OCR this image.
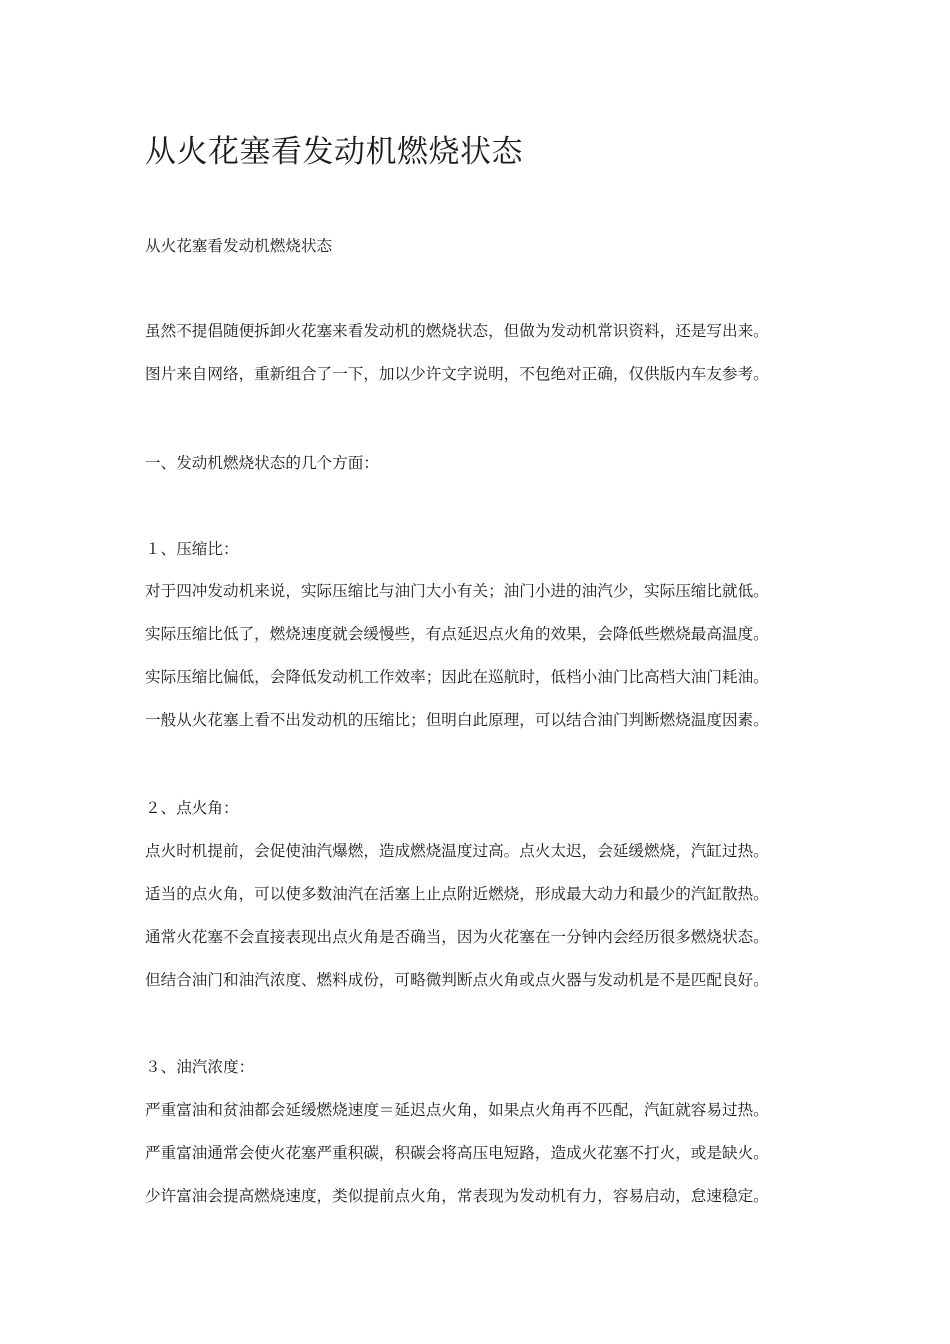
从火花塞看发动机燃烧状态

从火花塞看发动机燃烧状态

虽然不提倡随便拆卸火花塞来看发动机的燃烧状态，但做为发动机常识资料，还是写出来。

图片来自网络，重新组合了一下，加以少许文字说明，不包绝对正确，仅供版内车友参考。

一、发动机燃烧状态的几个方面：

１、压缩比：

对于四冲发动机来说，实际压缩比与油门大小有关；油门小进的油汽少，实际压缩比就低。

实际压缩比低了，燃烧速度就会缓慢些，有点延迟点火角的效果，会降低些燃烧最高温度。

实际压缩比偏低，会降低发动机工作效率；因此在巡航时，低档小油门比高档大油门耗油。

一般从火花塞上看不出发动机的压缩比；但明白此原理，可以结合油门判断燃烧温度因素。

２、点火角：

点火时机提前，会促使油汽爆燃，造成燃烧温度过高。点火太迟，会延缓燃烧，汽缸过热。

适当的点火角，可以使多数油汽在活塞上止点附近燃烧，形成最大动力和最少的汽缸散热。

通常火花塞不会直接表现出点火角是否确当，因为火花塞在一分钟内会经历很多燃烧状态。

但结合油门和油汽浓度、燃料成份，可略微判断点火角或点火器与发动机是不是匹配良好。

３、油汽浓度：

严重富油和贫油都会延缓燃烧速度＝延迟点火角，如果点火角再不匹配，汽缸就容易过热。

严重富油通常会使火花塞严重积碳，积碳会将高压电短路，造成火花塞不打火，或是缺火。

少许富油会提高燃烧速度，类似提前点火角，常表现为发动机有力，容易启动，怠速稳定。
